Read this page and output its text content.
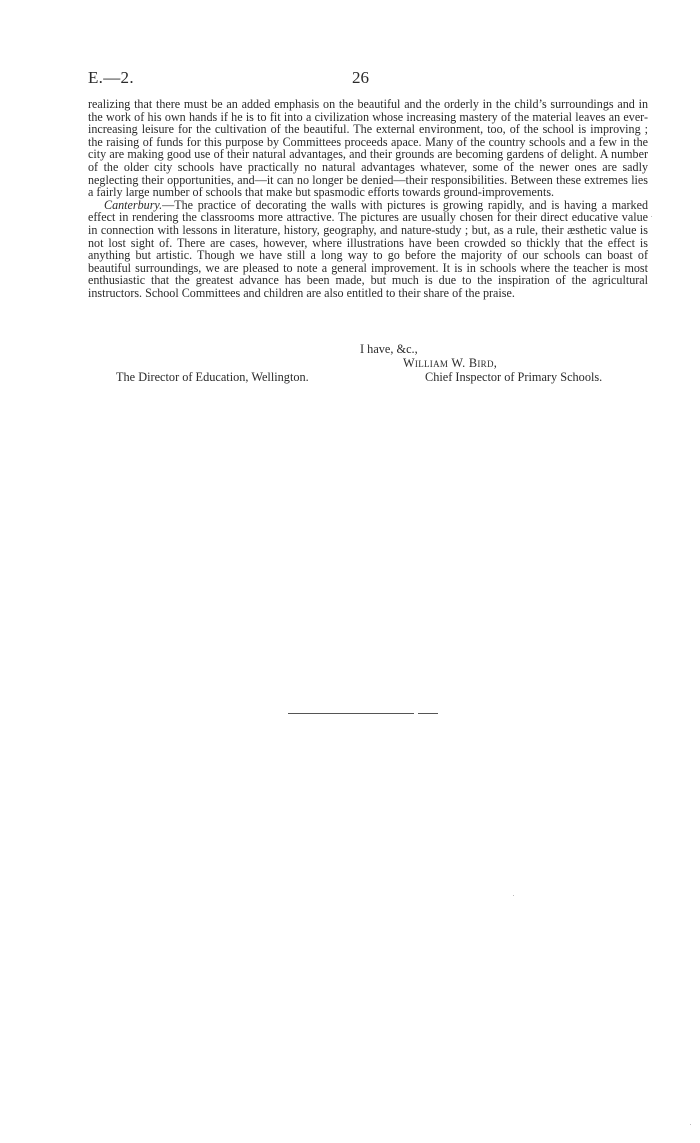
E.—2.	26

realizing that there must be an added emphasis on the beautiful and the orderly in the child’s surroundings and in the work of his own hands if he is to fit into a civilization whose increasing mastery of the material leaves an ever-increasing leisure for the cultivation of the beautiful. The external environment, too, of the school is improving ; the raising of funds for this purpose by Committees proceeds apace. Many of the country schools and a few in the city are making good use of their natural advantages, and their grounds are becoming gardens of delight. A number of the older city schools have practically no natural advantages whatever, some of the newer ones are sadly neglecting their opportunities, and—it can no longer be denied—their responsibilities. Between these extremes lies a fairly large number of schools that make but spasmodic efforts towards ground-improvements.

Canterbury.—The practice of decorating the walls with pictures is growing rapidly, and is having a marked effect in rendering the classrooms more attractive. The pictures are usually chosen for their direct educative value in connection with lessons in literature, history, geography, and nature-study ; but, as a rule, their æsthetic value is not lost sight of. There are cases, however, where illustrations have been crowded so thickly that the effect is anything but artistic. Though we have still a long way to go before the majority of our schools can boast of beautiful surroundings, we are pleased to note a general improvement. It is in schools where the teacher is most enthusiastic that the greatest advance has been made, but much is due to the inspiration of the agricultural instructors. School Committees and children are also entitled to their share of the praise.

I have, &c.,
William W. Bird,
The Director of Education, Wellington.	Chief Inspector of Primary Schools.
